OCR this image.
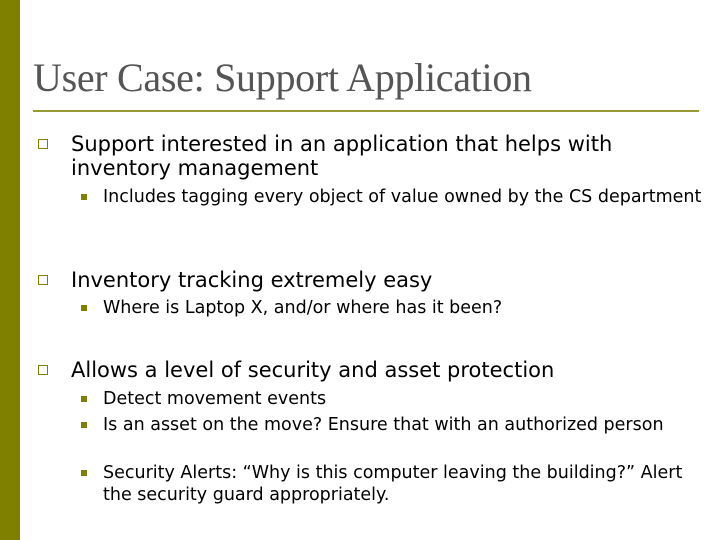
User Case: Support Application
Support interested in an application that helps with inventory management
Includes tagging every object of value owned by the CS department
Inventory tracking extremely easy
Where is Laptop X, and/or where has it been?
Allows a level of security and asset protection
Detect movement events
Is an asset on the move? Ensure that with an authorized person
Security Alerts: “Why is this computer leaving the building?” Alert the security guard appropriately.
